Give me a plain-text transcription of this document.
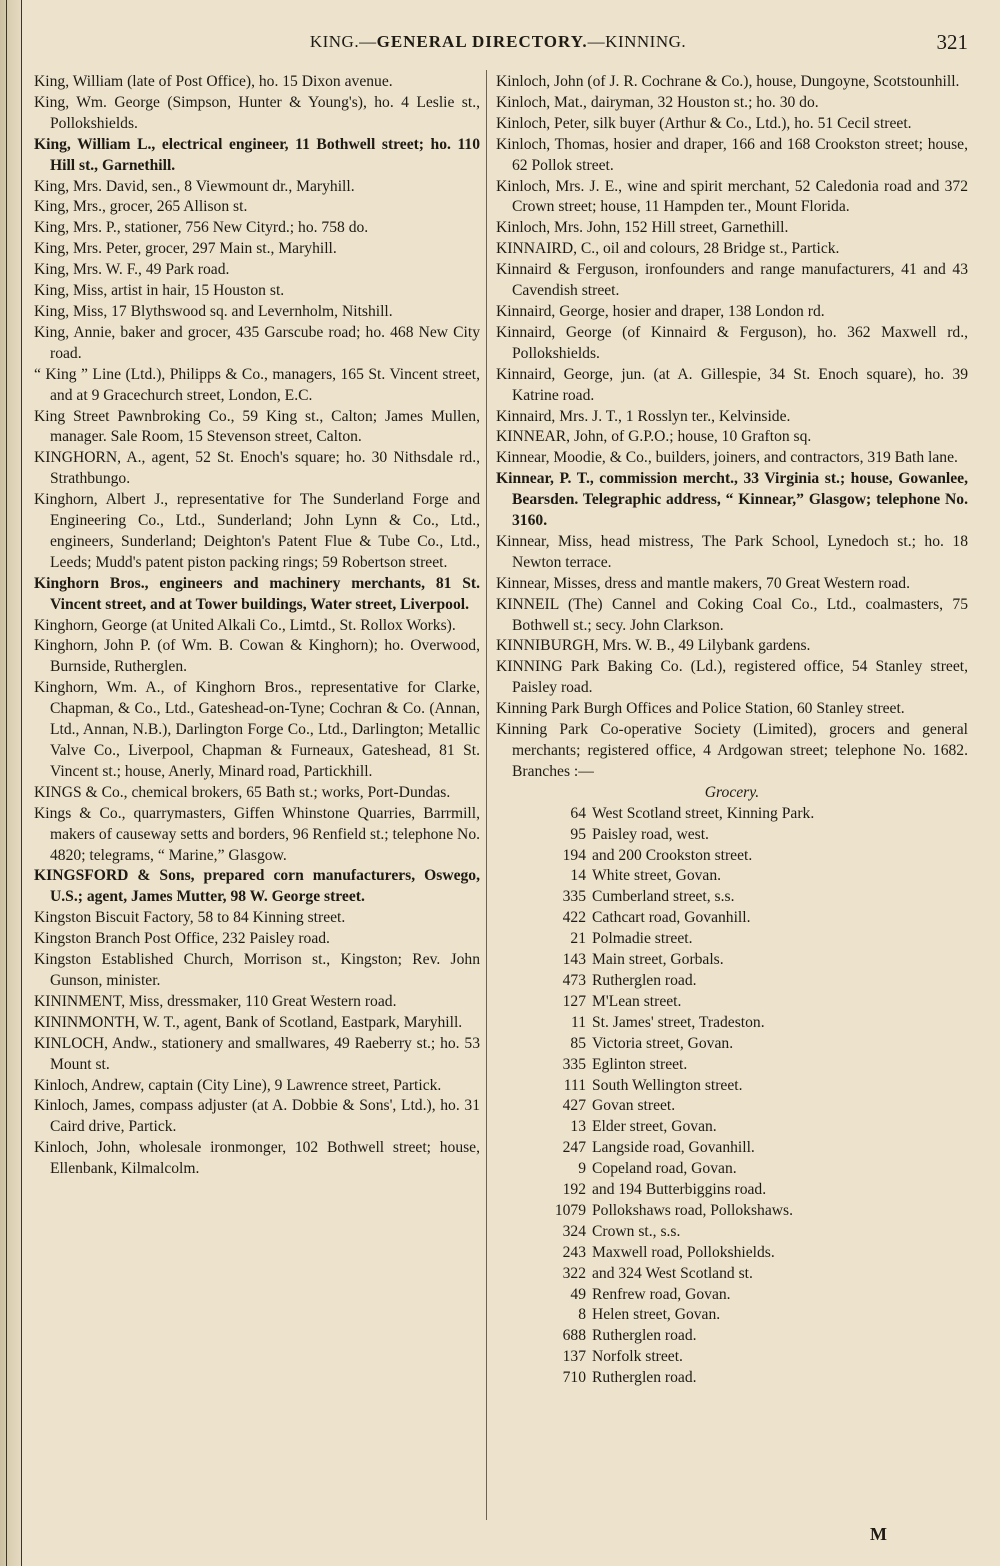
KING.—GENERAL DIRECTORY.—KINNING.	321

King, William (late of Post Office), ho. 15 Dixon avenue.

King, Wm. George (Simpson, Hunter & Young's), ho. 4 Leslie st., Pollokshields.

King, William L., electrical engineer, 11 Bothwell street; ho. 110 Hill st., Garnethill.

King, Mrs. David, sen., 8 Viewmount dr., Maryhill.

King, Mrs., grocer, 265 Allison st.

King, Mrs. P., stationer, 756 New Cityrd.; ho. 758 do.

King, Mrs. Peter, grocer, 297 Main st., Maryhill.

King, Mrs. W. F., 49 Park road.

King, Miss, artist in hair, 15 Houston st.

King, Miss, 17 Blythswood sq. and Levernholm, Nitshill.

King, Annie, baker and grocer, 435 Garscube road; ho. 468 New City road.

“ King ” Line (Ltd.), Philipps & Co., managers, 165 St. Vincent street, and at 9 Gracechurch street, London, E.C.

King Street Pawnbroking Co., 59 King st., Calton; James Mullen, manager. Sale Room, 15 Stevenson street, Calton.

KINGHORN, A., agent, 52 St. Enoch's square; ho. 30 Nithsdale rd., Strathbungo.

Kinghorn, Albert J., representative for The Sunderland Forge and Engineering Co., Ltd., Sunderland; John Lynn & Co., Ltd., engineers, Sunderland; Deighton's Patent Flue & Tube Co., Ltd., Leeds; Mudd's patent piston packing rings; 59 Robertson street.

Kinghorn Bros., engineers and machinery merchants, 81 St. Vincent street, and at Tower buildings, Water street, Liverpool.

Kinghorn, George (at United Alkali Co., Limtd., St. Rollox Works).

Kinghorn, John P. (of Wm. B. Cowan & Kinghorn); ho. Overwood, Burnside, Rutherglen.

Kinghorn, Wm. A., of Kinghorn Bros., representative for Clarke, Chapman, & Co., Ltd., Gateshead-on-Tyne; Cochran & Co. (Annan, Ltd., Annan, N.B.), Darlington Forge Co., Ltd., Darlington; Metallic Valve Co., Liverpool, Chapman & Furneaux, Gateshead, 81 St. Vincent st.; house, Anerly, Minard road, Partickhill.

KINGS & Co., chemical brokers, 65 Bath st.; works, Port-Dundas.

Kings & Co., quarrymasters, Giffen Whinstone Quarries, Barrmill, makers of causeway setts and borders, 96 Renfield st.; telephone No. 4820; telegrams, “ Marine,” Glasgow.

KINGSFORD & Sons, prepared corn manufacturers, Oswego, U.S.; agent, James Mutter, 98 W. George street.

Kingston Biscuit Factory, 58 to 84 Kinning street.

Kingston Branch Post Office, 232 Paisley road.

Kingston Established Church, Morrison st., Kingston; Rev. John Gunson, minister.

KININMENT, Miss, dressmaker, 110 Great Western road.

KININMONTH, W. T., agent, Bank of Scotland, Eastpark, Maryhill.

KINLOCH, Andw., stationery and smallwares, 49 Raeberry st.; ho. 53 Mount st.

Kinloch, Andrew, captain (City Line), 9 Lawrence street, Partick.

Kinloch, James, compass adjuster (at A. Dobbie & Sons', Ltd.), ho. 31 Caird drive, Partick.

Kinloch, John, wholesale ironmonger, 102 Bothwell street; house, Ellenbank, Kilmalcolm.

Kinloch, John (of J. R. Cochrane & Co.), house, Dungoyne, Scotstounhill.

Kinloch, Mat., dairyman, 32 Houston st.; ho. 30 do.

Kinloch, Peter, silk buyer (Arthur & Co., Ltd.), ho. 51 Cecil street.

Kinloch, Thomas, hosier and draper, 166 and 168 Crookston street; house, 62 Pollok street.

Kinloch, Mrs. J. E., wine and spirit merchant, 52 Caledonia road and 372 Crown street; house, 11 Hampden ter., Mount Florida.

Kinloch, Mrs. John, 152 Hill street, Garnethill.

KINNAIRD, C., oil and colours, 28 Bridge st., Partick.

Kinnaird & Ferguson, ironfounders and range manufacturers, 41 and 43 Cavendish street.

Kinnaird, George, hosier and draper, 138 London rd.

Kinnaird, George (of Kinnaird & Ferguson), ho. 362 Maxwell rd., Pollokshields.

Kinnaird, George, jun. (at A. Gillespie, 34 St. Enoch square), ho. 39 Katrine road.

Kinnaird, Mrs. J. T., 1 Rosslyn ter., Kelvinside.

KINNEAR, John, of G.P.O.; house, 10 Grafton sq.

Kinnear, Moodie, & Co., builders, joiners, and contractors, 319 Bath lane.

Kinnear, P. T., commission mercht., 33 Virginia st.; house, Gowanlee, Bearsden. Telegraphic address, “ Kinnear,” Glasgow; telephone No. 3160.

Kinnear, Miss, head mistress, The Park School, Lynedoch st.; ho. 18 Newton terrace.

Kinnear, Misses, dress and mantle makers, 70 Great Western road.

KINNEIL (The) Cannel and Coking Coal Co., Ltd., coalmasters, 75 Bothwell st.; secy. John Clarkson.

KINNIBURGH, Mrs. W. B., 49 Lilybank gardens.

KINNING Park Baking Co. (Ld.), registered office, 54 Stanley street, Paisley road.

Kinning Park Burgh Offices and Police Station, 60 Stanley street.

Kinning Park Co-operative Society (Limited), grocers and general merchants; registered office, 4 Ardgowan street; telephone No. 1682. Branches :—

Grocery.

64 West Scotland street, Kinning Park.

95 Paisley road, west.

194 and 200 Crookston street.

14 White street, Govan.

335 Cumberland street, s.s.

422 Cathcart road, Govanhill.

21 Polmadie street.

143 Main street, Gorbals.

473 Rutherglen road.

127 M'Lean street.

11 St. James' street, Tradeston.

85 Victoria street, Govan.

335 Eglinton street.

111 South Wellington street.

427 Govan street.

13 Elder street, Govan.

247 Langside road, Govanhill.

9 Copeland road, Govan.

192 and 194 Butterbiggins road.

1079 Pollokshaws road, Pollokshaws.

324 Crown st., s.s.

243 Maxwell road, Pollokshields.

322 and 324 West Scotland st.

49 Renfrew road, Govan.

8 Helen street, Govan.

688 Rutherglen road.

137 Norfolk street.

710 Rutherglen road.

M
